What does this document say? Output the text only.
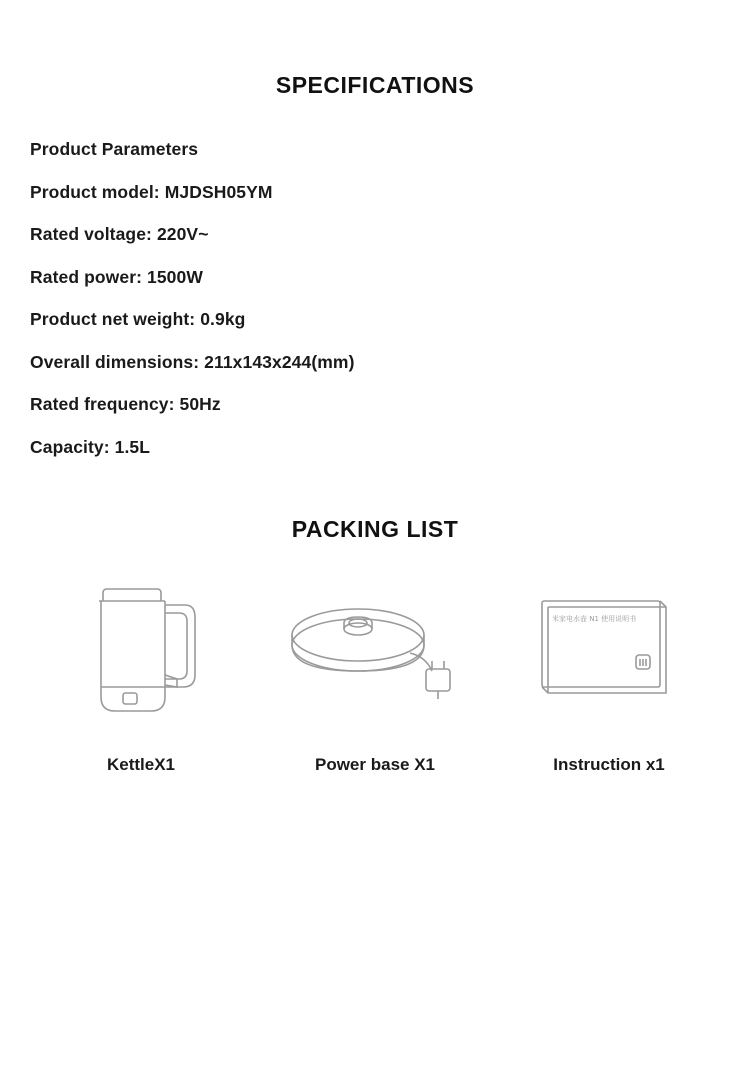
SPECIFICATIONS
Product Parameters
Product model: MJDSH05YM
Rated voltage: 220V~
Rated power: 1500W
Product net weight: 0.9kg
Overall dimensions: 211x143x244(mm)
Rated frequency: 50Hz
Capacity: 1.5L
PACKING LIST
KettleX1	Power base X1
米家电水壶 N1 使用说明书
Instruction x1
